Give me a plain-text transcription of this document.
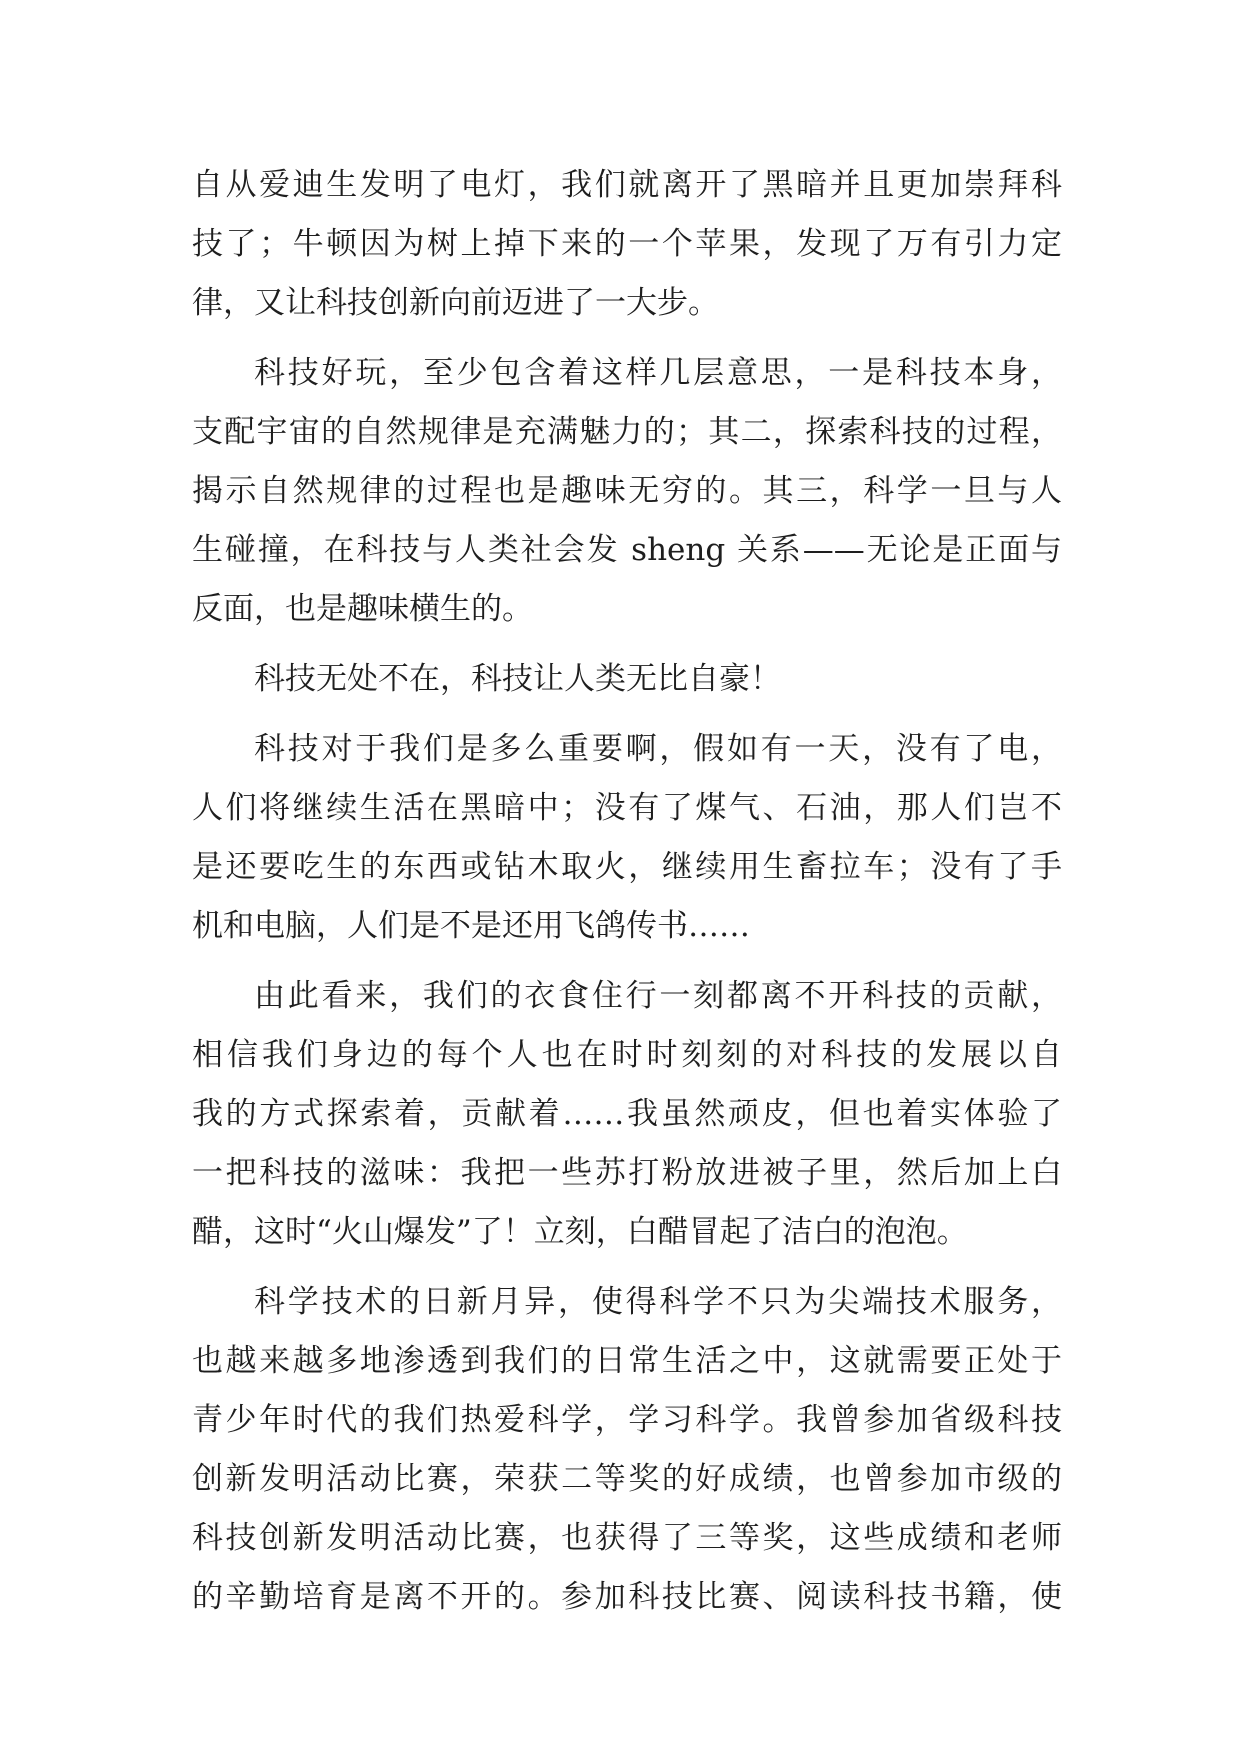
自从爱迪生发明了电灯，我们就离开了黑暗并且更加崇拜科
技了；牛顿因为树上掉下来的一个苹果，发现了万有引力定
律，又让科技创新向前迈进了一大步。
科技好玩，至少包含着这样几层意思，一是科技本身，
支配宇宙的自然规律是充满魅力的；其二，探索科技的过程，
揭示自然规律的过程也是趣味无穷的。其三，科学一旦与人
生碰撞，在科技与人类社会发 sheng 关系——无论是正面与
反面，也是趣味横生的。
科技无处不在，科技让人类无比自豪！
科技对于我们是多么重要啊，假如有一天，没有了电，
人们将继续生活在黑暗中；没有了煤气、石油，那人们岂不
是还要吃生的东西或钻木取火，继续用生畜拉车；没有了手
机和电脑，人们是不是还用飞鸽传书……
由此看来，我们的衣食住行一刻都离不开科技的贡献，
相信我们身边的每个人也在时时刻刻的对科技的发展以自
我的方式探索着，贡献着……我虽然顽皮，但也着实体验了
一把科技的滋味：我把一些苏打粉放进被子里，然后加上白
醋，这时“火山爆发”了！立刻，白醋冒起了洁白的泡泡。
科学技术的日新月异，使得科学不只为尖端技术服务，
也越来越多地渗透到我们的日常生活之中，这就需要正处于
青少年时代的我们热爱科学，学习科学。我曾参加省级科技
创新发明活动比赛，荣获二等奖的好成绩，也曾参加市级的
科技创新发明活动比赛，也获得了三等奖，这些成绩和老师
的辛勤培育是离不开的。参加科技比赛、阅读科技书籍，使
